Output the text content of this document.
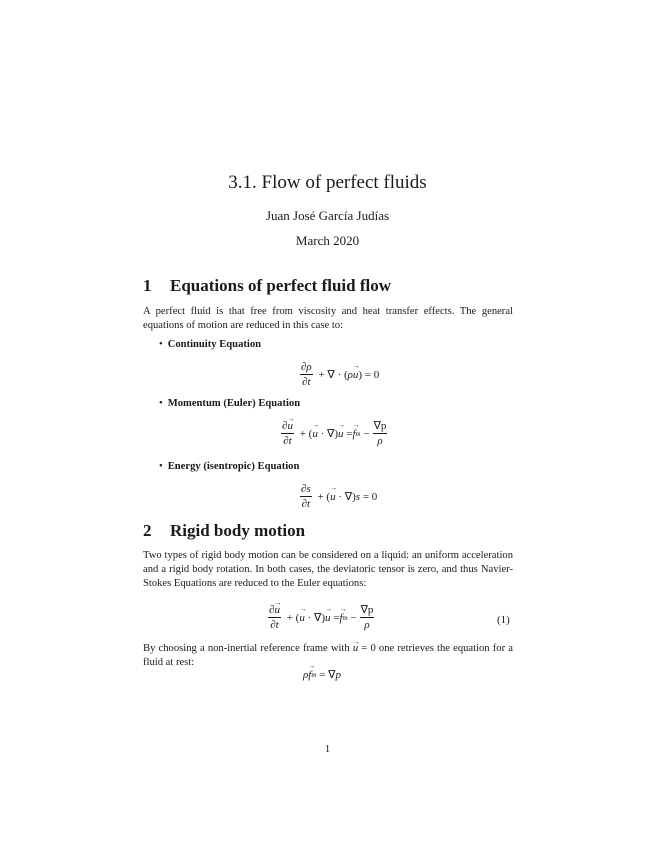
3.1. Flow of perfect fluids
Juan José García Judías
March 2020
1 Equations of perfect fluid flow
A perfect fluid is that free from viscosity and heat transfer effects. The general equations of motion are reduced in this case to:
• Continuity Equation
$\frac{\partial\rho}{\partial t}$ + ∇ · ( ρ u → ) = 0
• Momentum (Euler) Equation
$\frac{\partial u \to}{\partial t}$ + ( u → · ∇) u → = $f \to m - \frac{\nabla p}{\rho}$
• Energy (isentropic) Equation
$\frac{\partial s}{\partial t}$ + ( u → · ∇) s = 0
2 Rigid body motion
Two types of rigid body motion can be considered on a liquid: an uniform acceleration and a rigid body rotation. In both cases, the deviatoric tensor is zero, and thus Navier-Stokes Equations are reduced to the Euler equations:
$\frac{\partial u \to}{\partial t}$ + ( u → · ∇) u → = $f \to m - \frac{\nabla p}{\rho}$	(1)
By choosing a non-inertial reference frame with u → = 0 one retrieves the equation for a fluid at rest:
ρ f → m = ∇ p
1
